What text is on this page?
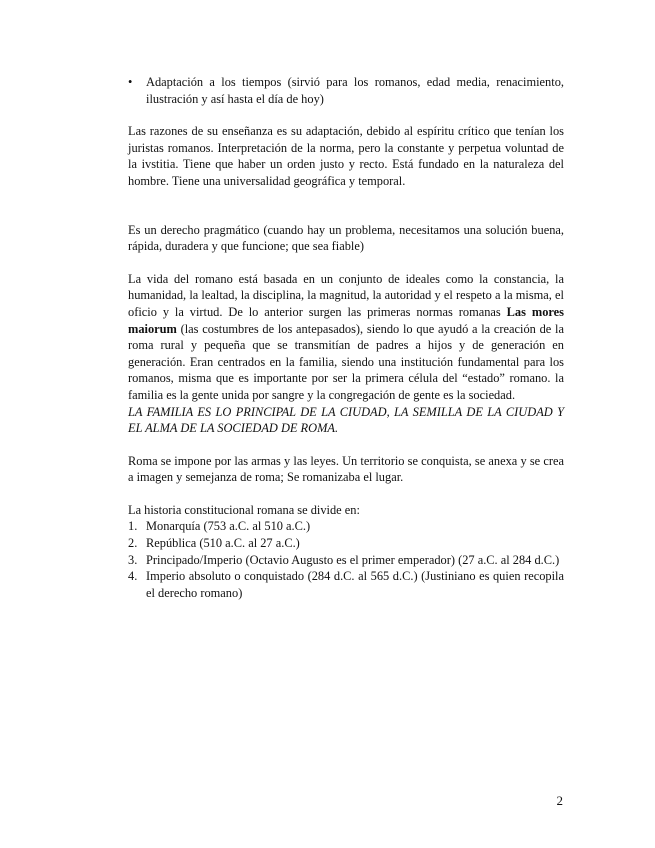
• Adaptación a los tiempos (sirvió para los romanos, edad media, renacimiento, ilustración y así hasta el día de hoy)

Las razones de su enseñanza es su adaptación, debido al espíritu crítico que tenían los juristas romanos. Interpretación de la norma, pero la constante y perpetua voluntad de la ivstitia. Tiene que haber un orden justo y recto. Está fundado en la naturaleza del hombre. Tiene una universalidad geográfica y temporal.

Es un derecho pragmático (cuando hay un problema, necesitamos una solución buena, rápida, duradera y que funcione; que sea fiable)

La vida del romano está basada en un conjunto de ideales como la constancia, la humanidad, la lealtad, la disciplina, la magnitud, la autoridad y el respeto a la misma, el oficio y la virtud. De lo anterior surgen las primeras normas romanas Las mores maiorum (las costumbres de los antepasados), siendo lo que ayudó a la creación de la roma rural y pequeña que se transmitían de padres a hijos y de generación en generación. Eran centrados en la familia, siendo una institución fundamental para los romanos, misma que es importante por ser la primera célula del “estado” romano. la familia es la gente unida por sangre y la congregación de gente es la sociedad.

LA FAMILIA ES LO PRINCIPAL DE LA CIUDAD, LA SEMILLA DE LA CIUDAD Y EL ALMA DE LA SOCIEDAD DE ROMA.

Roma se impone por las armas y las leyes. Un territorio se conquista, se anexa y se crea a imagen y semejanza de roma; Se romanizaba el lugar.

La historia constitucional romana se divide en:

1. Monarquía (753 a.C. al 510 a.C.)
2. República (510 a.C. al 27 a.C.)
3. Principado/Imperio (Octavio Augusto es el primer emperador) (27 a.C. al 284 d.C.)
4. Imperio absoluto o conquistado (284 d.C. al 565 d.C.) (Justiniano es quien recopila el derecho romano)
2
